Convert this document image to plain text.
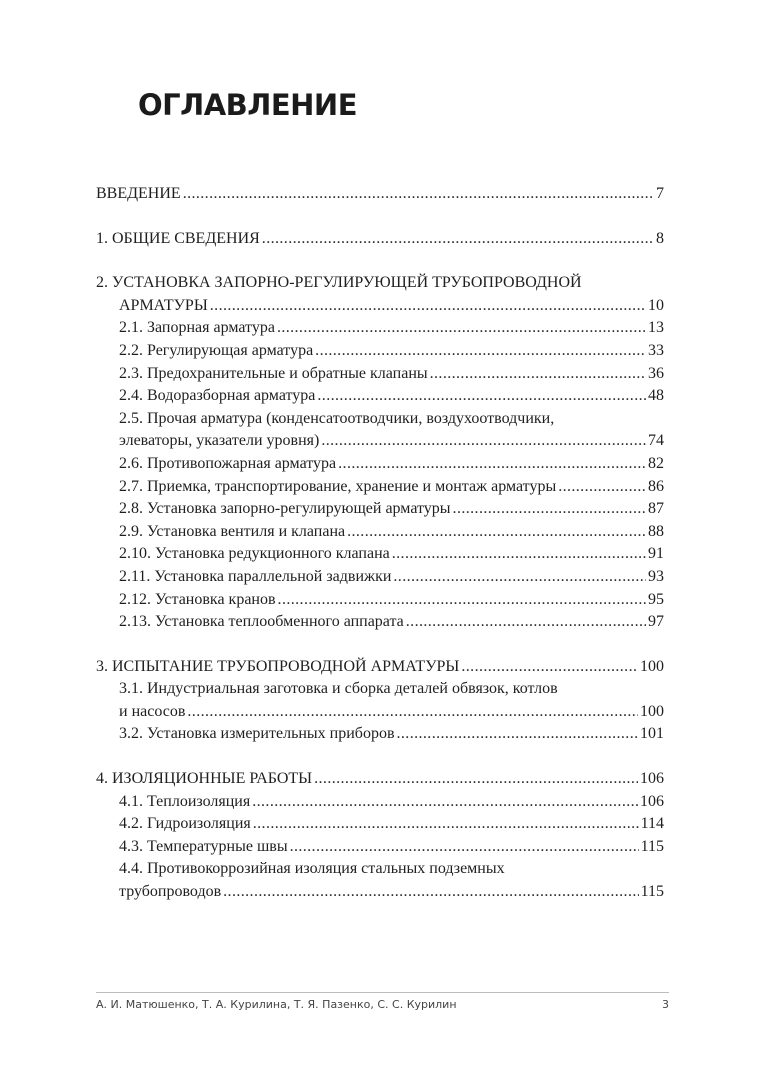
ОГЛАВЛЕНИЕ
ВВЕДЕНИЕ .....	7
1. ОБЩИЕ СВЕДЕНИЯ .....	8
2. УСТАНОВКА ЗАПОРНО-РЕГУЛИРУЮЩЕЙ ТРУБОПРОВОДНОЙ
АРМАТУРЫ .....	10
2.1. Запорная арматура .....	13
2.2. Регулирующая арматура .....	33
2.3. Предохранительные и обратные клапаны .....	36
2.4. Водоразборная арматура .....	48
2.5. Прочая арматура (конденсатоотводчики, воздухоотводчики,
элеваторы, указатели уровня) .....	74
2.6. Противопожарная арматура .....	82
2.7. Приемка, транспортирование, хранение и монтаж арматуры .....	86
2.8. Установка запорно-регулирующей арматуры .....	87
2.9. Установка вентиля и клапана .....	88
2.10. Установка редукционного клапана .....	91
2.11. Установка параллельной задвижки .....	93
2.12. Установка кранов .....	95
2.13. Установка теплообменного аппарата .....	97
3. ИСПЫТАНИЕ ТРУБОПРОВОДНОЙ АРМАТУРЫ .....	100
3.1. Индустриальная заготовка и сборка деталей обвязок, котлов
и насосов .....	100
3.2. Установка измерительных приборов .....	101
4. ИЗОЛЯЦИОННЫЕ РАБОТЫ .....	106
4.1. Теплоизоляция .....	106
4.2. Гидроизоляция .....	114
4.3. Температурные швы .....	115
4.4. Противокоррозийная изоляция стальных подземных
трубопроводов .....	115
А. И. Матюшенко, Т. А. Курилина, Т. Я. Пазенко, С. С. Курилин	3
